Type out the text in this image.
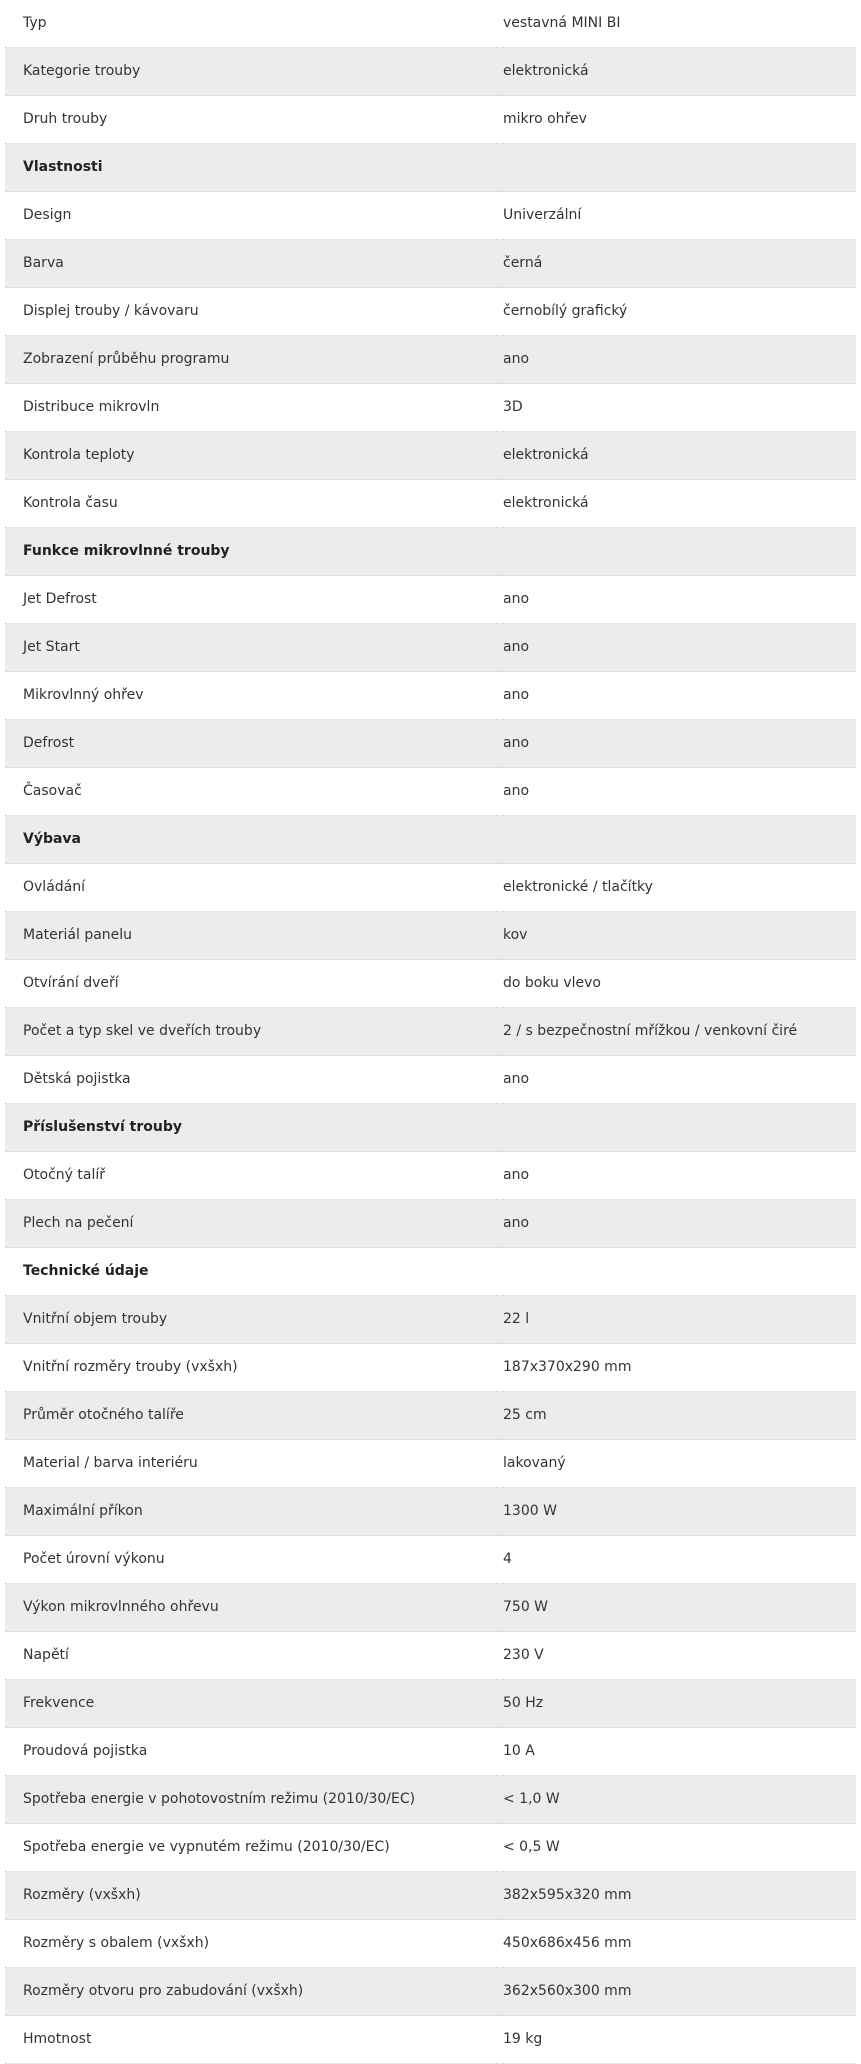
Typ	vestavná MINI BI
Kategorie trouby	elektronická
Druh trouby	mikro ohřev
Vlastnosti	
Design	Univerzální
Barva	černá
Displej trouby / kávovaru	černobílý grafický
Zobrazení průběhu programu	ano
Distribuce mikrovln	3D
Kontrola teploty	elektronická
Kontrola času	elektronická
Funkce mikrovlnné trouby	
Jet Defrost	ano
Jet Start	ano
Mikrovlnný ohřev	ano
Defrost	ano
Časovač	ano
Výbava	
Ovládání	elektronické / tlačítky
Materiál panelu	kov
Otvírání dveří	do boku vlevo
Počet a typ skel ve dveřích trouby	2 / s bezpečnostní mřížkou / venkovní čiré
Dětská pojistka	ano
Příslušenství trouby	
Otočný talíř	ano
Plech na pečení	ano
Technické údaje	
Vnitřní objem trouby	22 l
Vnitřní rozměry trouby (vxšxh)	187x370x290 mm
Průměr otočného talíře	25 cm
Material / barva interiéru	lakovaný
Maximální příkon	1300 W
Počet úrovní výkonu	4
Výkon mikrovlnného ohřevu	750 W
Napětí	230 V
Frekvence	50 Hz
Proudová pojistka	10 A
Spotřeba energie v pohotovostním režimu (2010/30/EC)	< 1,0 W
Spotřeba energie ve vypnutém režimu (2010/30/EC)	< 0,5 W
Rozměry (vxšxh)	382x595x320 mm
Rozměry s obalem (vxšxh)	450x686x456 mm
Rozměry otvoru pro zabudování (vxšxh)	362x560x300 mm
Hmotnost	19 kg
